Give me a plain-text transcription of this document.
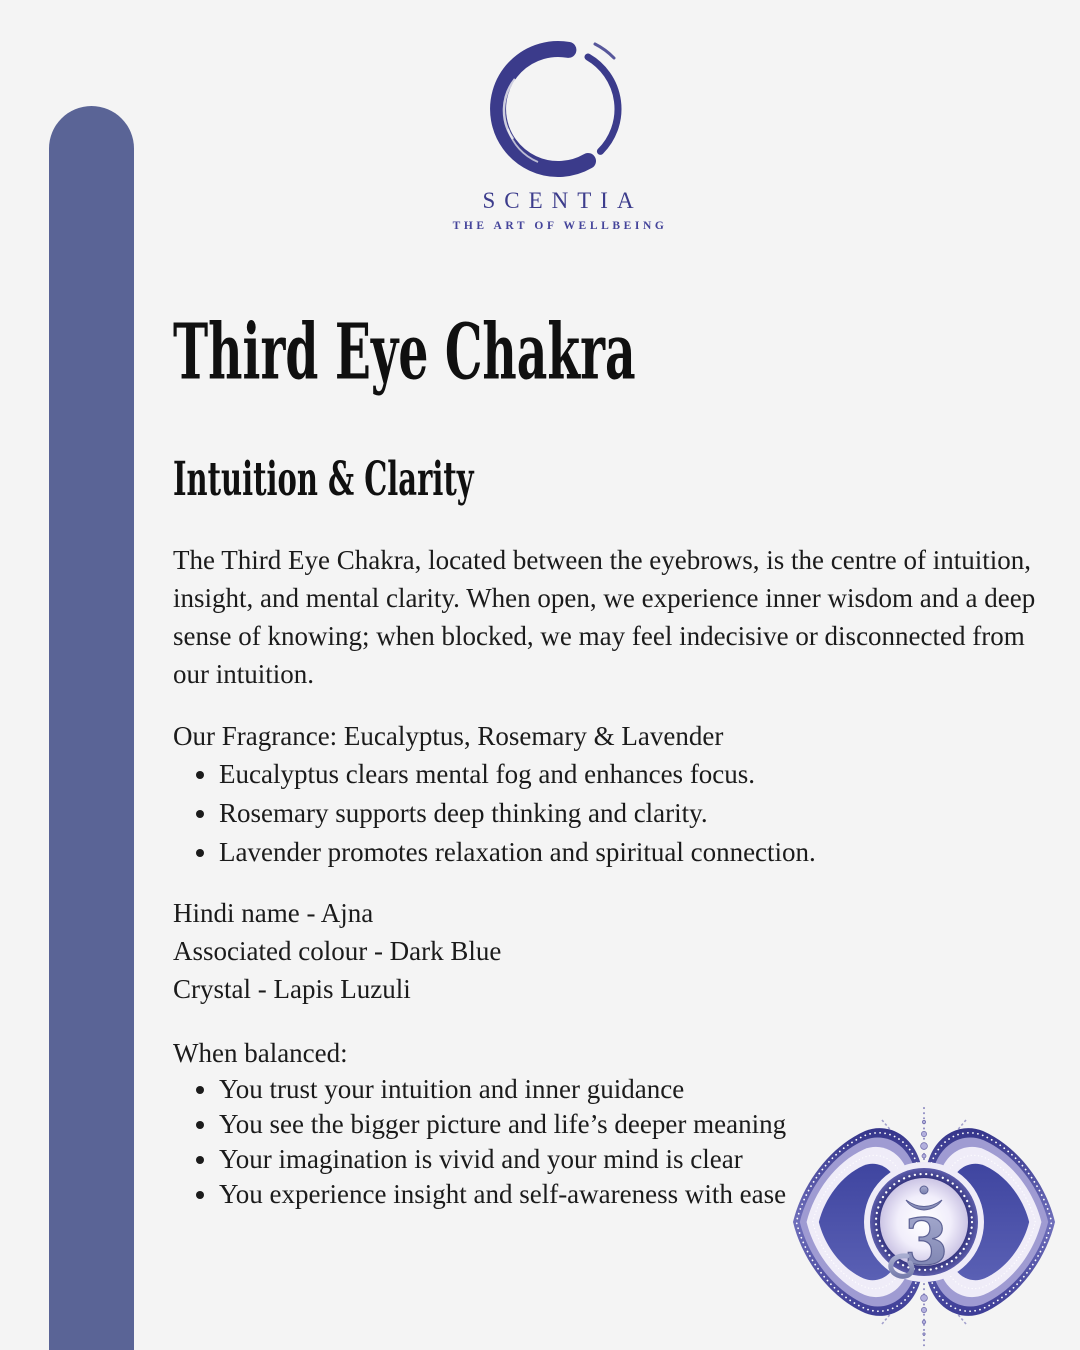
SCENTIA
THE ART OF WELLBEING
Third Eye Chakra
Intuition & Clarity

The Third Eye Chakra, located between the eyebrows, is the centre of intuition, insight, and mental clarity. When open, we experience inner wisdom and a deep sense of knowing; when blocked, we may feel indecisive or disconnected from our intuition.

Our Fragrance: Eucalyptus, Rosemary & Lavender
• Eucalyptus clears mental fog and enhances focus.
• Rosemary supports deep thinking and clarity.
• Lavender promotes relaxation and spiritual connection.
Hindi name - Ajna
Associated colour - Dark Blue
Crystal - Lapis Luzuli
When balanced:
• You trust your intuition and inner guidance
• You see the bigger picture and life’s deeper meaning
• Your imagination is vivid and your mind is clear
• You experience insight and self-awareness with ease
3
